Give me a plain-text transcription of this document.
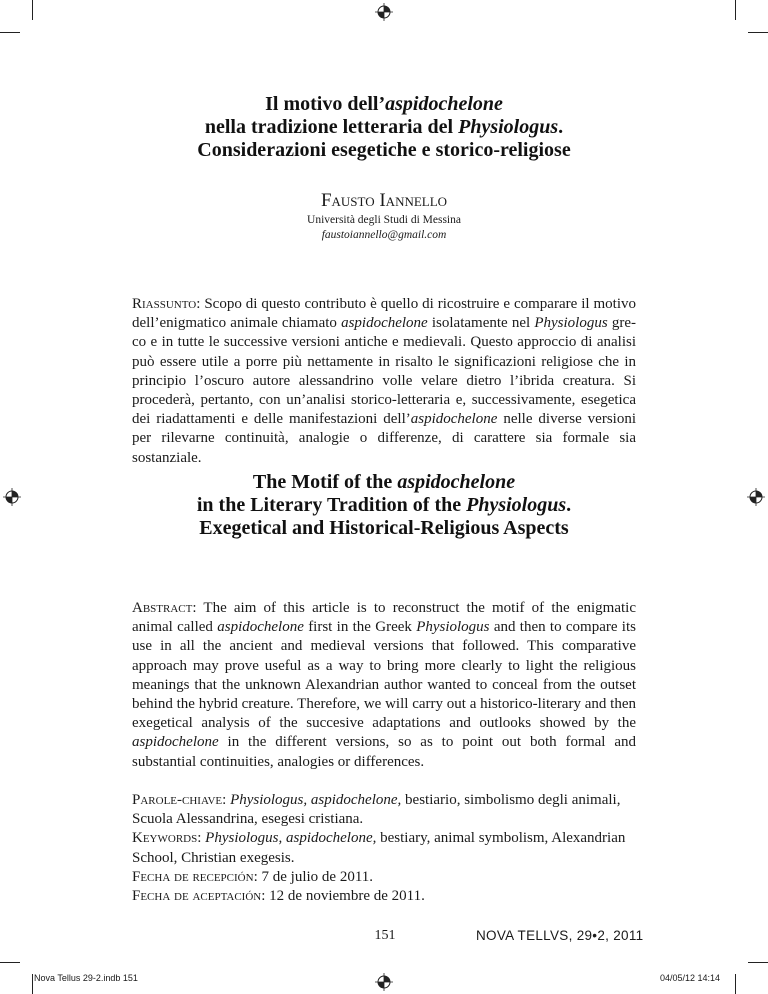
Il motivo dell’aspidochelone
nella tradizione letteraria del Physiologus.
Considerazioni esegetiche e storico-religiose
Fausto Iannello
Università degli Studi di Messina
faustoiannello@gmail.com
Riassunto: Scopo di questo contributo è quello di ricostruire e comparare il motivo dell’enigmatico animale chiamato aspidochelone isolatamente nel Physiologus gre-co e in tutte le successive versioni antiche e medievali. Questo approccio di analisi può essere utile a porre più nettamente in risalto le significazioni religiose che in principio l’oscuro autore alessandrino volle velare dietro l’ibrida creatura. Si procederà, pertanto, con un’analisi storico-letteraria e, successivamente, esegetica dei riadattamenti e delle manifestazioni dell’aspidochelone nelle diverse versioni per rilevarne continuità, analogie o differenze, di carattere sia formale sia sostanziale.
The Motif of the aspidochelone
in the Literary Tradition of the Physiologus.
Exegetical and Historical-Religious Aspects
Abstract: The aim of this article is to reconstruct the motif of the enigmatic animal called aspidochelone first in the Greek Physiologus and then to compare its use in all the ancient and medieval versions that followed. This comparative approach may prove useful as a way to bring more clearly to light the religious meanings that the unknown Alexandrian author wanted to conceal from the outset behind the hybrid creature. Therefore, we will carry out a historico-literary and then exegetical analysis of the succesive adaptations and outlooks showed by the aspidochelone in the different versions, so as to point out both formal and substantial continuities, analogies or differences.
Parole-chiave: Physiologus, aspidochelone, bestiario, simbolismo degli animali,
Scuola Alessandrina, esegesi cristiana.
Keywords: Physiologus, aspidochelone, bestiary, animal symbolism, Alexandrian
School, Christian exegesis.
Fecha de recepción: 7 de julio de 2011.
Fecha de aceptación: 12 de noviembre de 2011.
151	NOVA TELLVS, 29•2, 2011
Nova Tellus 29-2.indb 151	04/05/12 14:14
